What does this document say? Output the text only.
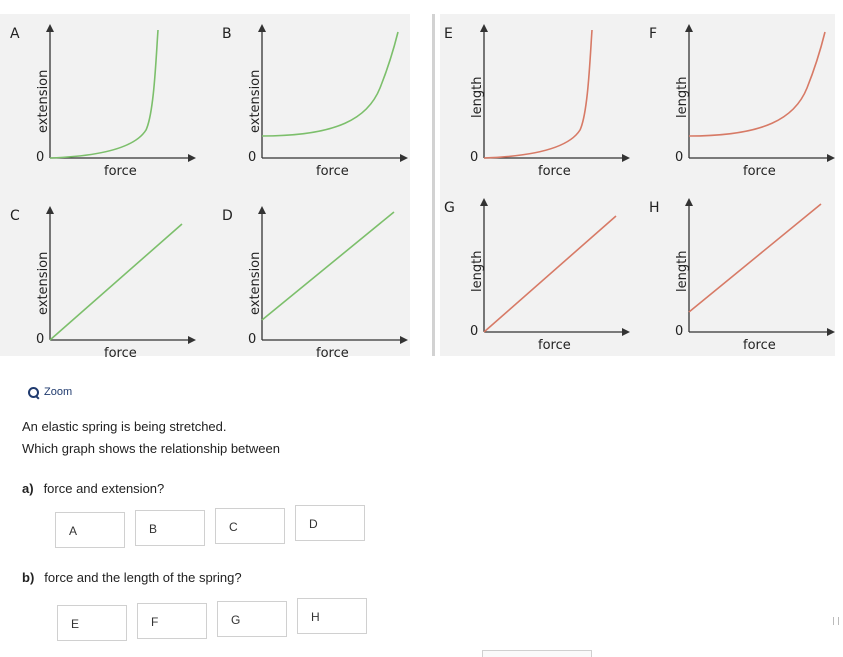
A
extension
0
force
B
extension
0
force
C
extension
0
force
D
extension
0
force
E
length
0
force
F
length
0
force
G
length
0
force
H
length
0
force
Zoom
An elastic spring is being stretched.
Which graph shows the relationship between
a) force and extension?
A	B	C	D
b) force and the length of the spring?
E	F	G	H
